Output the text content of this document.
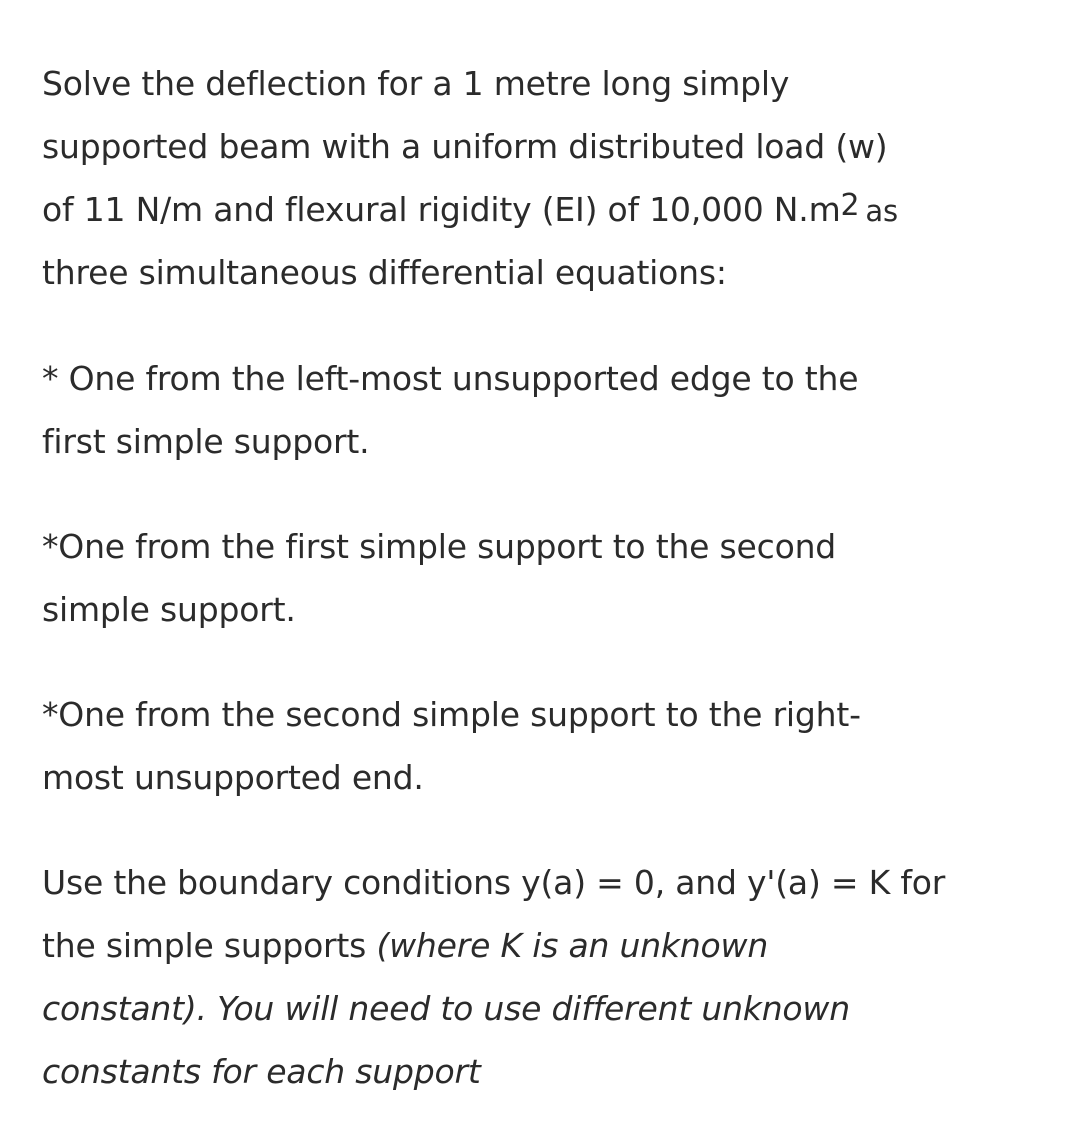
Solve the deflection for a 1 metre long simply
supported beam with a uniform distributed load (w)
of 11 N/m and flexural rigidity (EI) of 10,000 $N.m^2$ as
three simultaneous differential equations:
* One from the left-most unsupported edge to the
first simple support.
*One from the first simple support to the second
simple support.
*One from the second simple support to the right-
most unsupported end.
Use the boundary conditions y(a) = 0, and y'(a) = K for
the simple supports (where K is an unknown
constant). You will need to use different unknown
constants for each support
